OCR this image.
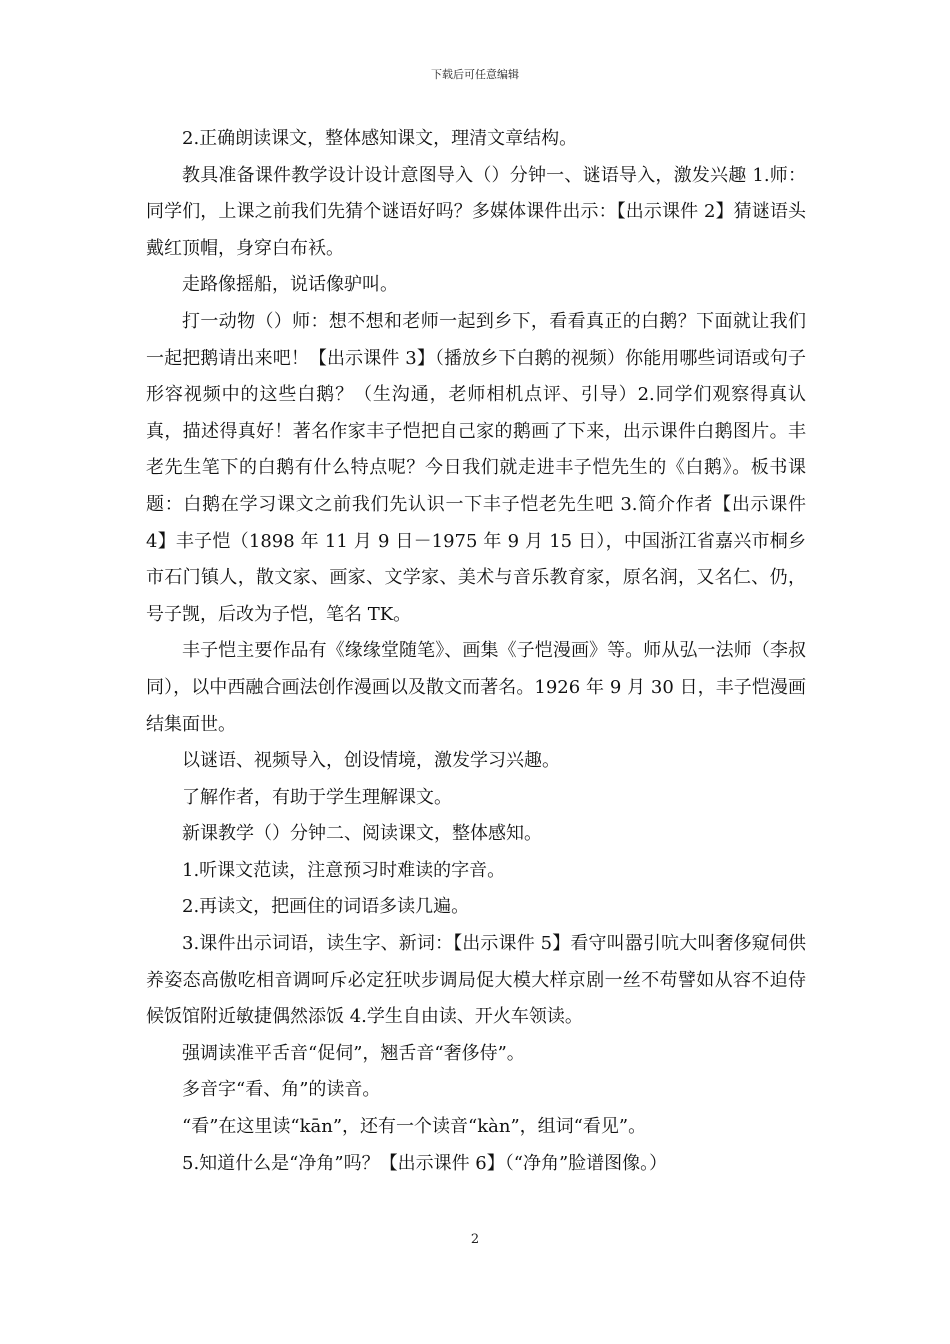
下载后可任意编辑

2.正确朗读课文，整体感知课文，理清文章结构。

教具准备课件教学设计设计意图导入（）分钟一、谜语导入，激发兴趣 1.师：同学们，上课之前我们先猜个谜语好吗？多媒体课件出示：【出示课件 2】猜谜语头戴红顶帽，身穿白布袄。

走路像摇船，说话像驴叫。

打一动物（）师：想不想和老师一起到乡下，看看真正的白鹅？下面就让我们一起把鹅请出来吧！【出示课件 3】（播放乡下白鹅的视频）你能用哪些词语或句子形容视频中的这些白鹅？（生沟通，老师相机点评、引导）2.同学们观察得真认真，描述得真好！著名作家丰子恺把自己家的鹅画了下来，出示课件白鹅图片。丰老先生笔下的白鹅有什么特点呢？今日我们就走进丰子恺先生的《白鹅》。板书课题：白鹅在学习课文之前我们先认识一下丰子恺老先生吧 3.简介作者【出示课件 4】丰子恺（1898 年 11 月 9 日－1975 年 9 月 15 日），中国浙江省嘉兴市桐乡市石门镇人，散文家、画家、文学家、美术与音乐教育家，原名润，又名仁、仍，号子觊，后改为子恺，笔名 TK。

丰子恺主要作品有《缘缘堂随笔》、画集《子恺漫画》等。师从弘一法师（李叔同），以中西融合画法创作漫画以及散文而著名。1926 年 9 月 30 日，丰子恺漫画结集面世。

以谜语、视频导入，创设情境，激发学习兴趣。

了解作者，有助于学生理解课文。

新课教学（）分钟二、阅读课文，整体感知。

1.听课文范读，注意预习时难读的字音。

2.再读文，把画住的词语多读几遍。

3.课件出示词语，读生字、新词：【出示课件 5】看守叫嚣引吭大叫奢侈窥伺供养姿态高傲吃相音调呵斥必定狂吠步调局促大模大样京剧一丝不苟譬如从容不迫侍候饭馆附近敏捷偶然添饭 4.学生自由读、开火车领读。

强调读准平舌音“促伺”，翘舌音“奢侈侍”。

多音字“看、角”的读音。

“看”在这里读“kān”，还有一个读音“kàn”，组词“看见”。

5.知道什么是“净角”吗？【出示课件 6】（“净角”脸谱图像。）

2
